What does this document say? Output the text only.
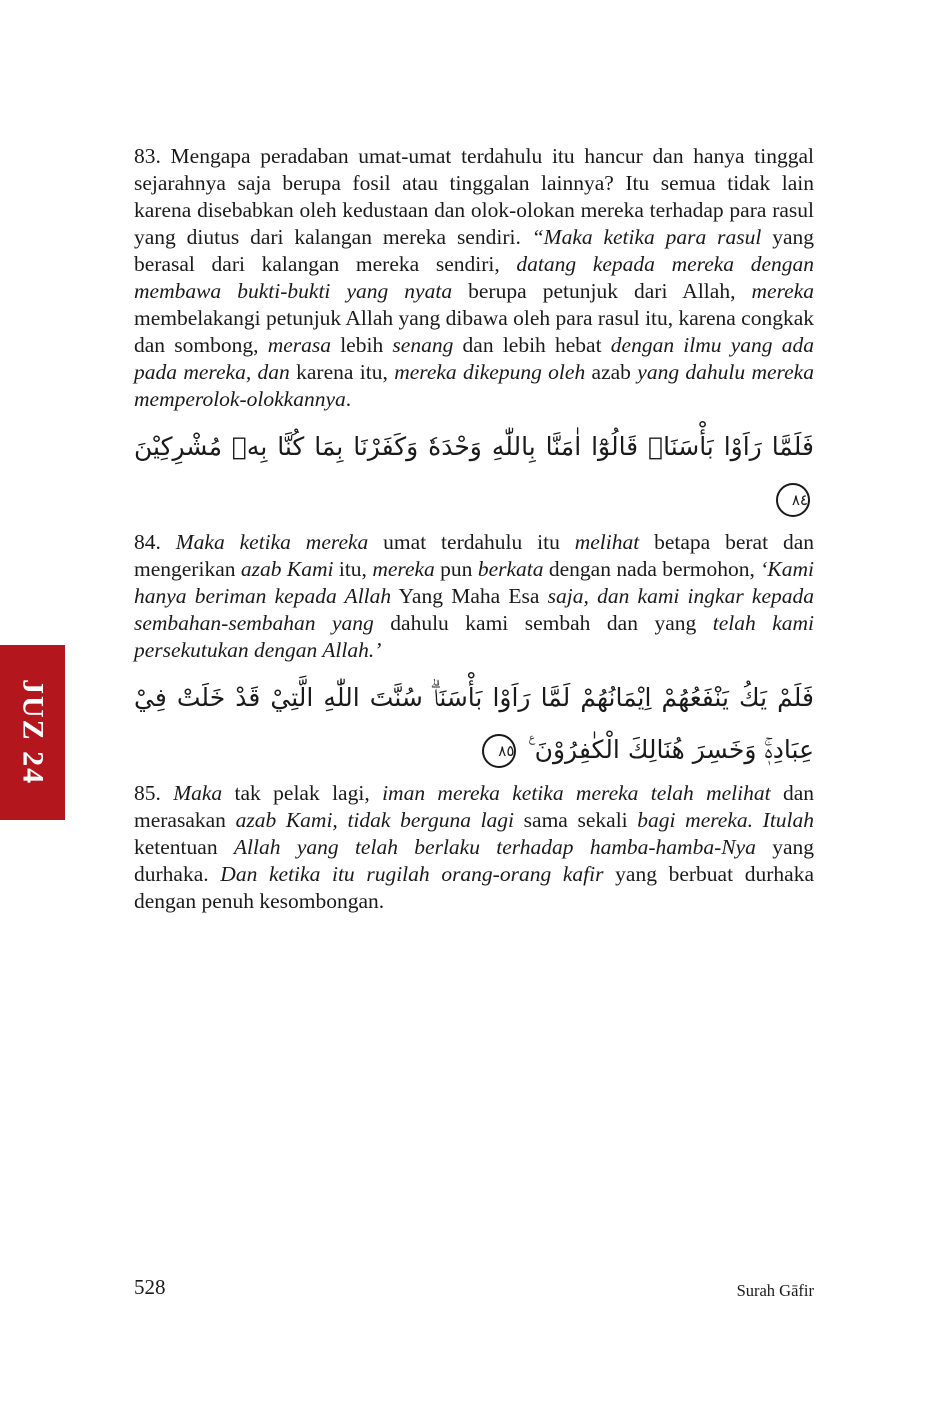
JUZ 24

83. Mengapa peradaban umat-umat terdahulu itu hancur dan hanya tinggal sejarahnya saja berupa fosil atau tinggalan lainnya? Itu semua tidak lain karena disebabkan oleh kedustaan dan olok-olokan mereka terhadap para rasul yang diutus dari kalangan mereka sendiri. “Maka ketika para rasul yang berasal dari kalangan mereka sendiri, datang kepada mereka dengan membawa bukti-bukti yang nyata berupa petunjuk dari Allah, mereka membelakangi petunjuk Allah yang dibawa oleh para rasul itu, karena congkak dan sombong, merasa lebih senang dan lebih hebat dengan ilmu yang ada pada mereka, dan karena itu, mereka dikepung oleh azab yang dahulu mereka memperolok-olokkannya.

فَلَمَّا رَاَوْا بَأْسَنَاۗ قَالُوْٓا اٰمَنَّا بِاللّٰهِ وَحْدَهٗ وَكَفَرْنَا بِمَا كُنَّا بِهٖ مُشْرِكِيْنَ ٨٤

84. Maka ketika mereka umat terdahulu itu melihat betapa berat dan mengerikan azab Kami itu, mereka pun berkata dengan nada bermohon, ‘Kami hanya beriman kepada Allah Yang Maha Esa saja, dan kami ingkar kepada sembahan-sembahan yang dahulu kami sembah dan yang telah kami persekutukan dengan Allah.’

فَلَمْ يَكُ يَنْفَعُهُمْ اِيْمَانُهُمْ لَمَّا رَاَوْا بَأْسَنَاۗ سُنَّتَ اللّٰهِ الَّتِيْ قَدْ خَلَتْ فِيْ عِبَادِهٖۚ وَخَسِرَ هُنَالِكَ الْكٰفِرُوْنَ ࣖ ٨٥

85. Maka tak pelak lagi, iman mereka ketika mereka telah melihat dan merasakan azab Kami, tidak berguna lagi sama sekali bagi mereka. Itulah ketentuan Allah yang telah berlaku terhadap hamba-hamba-Nya yang durhaka. Dan ketika itu rugilah orang-orang kafir yang berbuat durhaka dengan penuh kesombongan.

528	Surah Gāfir
